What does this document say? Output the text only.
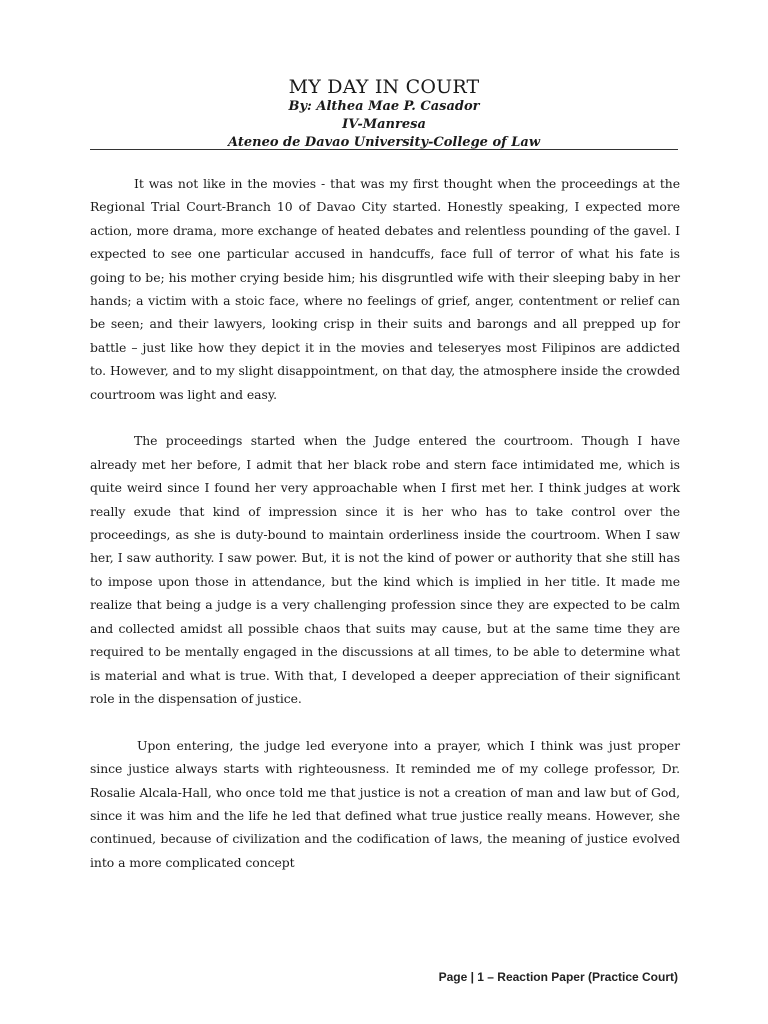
MY DAY IN COURT
By: Althea Mae P. Casador
IV-Manresa
Ateneo de Davao University-College of Law

It was not like in the movies - that was my first thought when the proceedings at the Regional Trial Court-Branch 10 of Davao City started. Honestly speaking, I expected more action, more drama, more exchange of heated debates and relentless pounding of the gavel. I expected to see one particular accused in handcuffs, face full of terror of what his fate is going to be; his mother crying beside him; his disgruntled wife with their sleeping baby in her hands; a victim with a stoic face, where no feelings of grief, anger, contentment or relief can be seen; and their lawyers, looking crisp in their suits and barongs and all prepped up for battle – just like how they depict it in the movies and teleseryes most Filipinos are addicted to. However, and to my slight disappointment, on that day, the atmosphere inside the crowded courtroom was light and easy.

The proceedings started when the Judge entered the courtroom. Though I have already met her before, I admit that her black robe and stern face intimidated me, which is quite weird since I found her very approachable when I first met her. I think judges at work really exude that kind of impression since it is her who has to take control over the proceedings, as she is duty-bound to maintain orderliness inside the courtroom. When I saw her, I saw authority. I saw power. But, it is not the kind of power or authority that she still has to impose upon those in attendance, but the kind which is implied in her title. It made me realize that being a judge is a very challenging profession since they are expected to be calm and collected amidst all possible chaos that suits may cause, but at the same time they are required to be mentally engaged in the discussions at all times, to be able to determine what is material and what is true. With that, I developed a deeper appreciation of their significant role in the dispensation of justice.

Upon entering, the judge led everyone into a prayer, which I think was just proper since justice always starts with righteousness. It reminded me of my college professor, Dr. Rosalie Alcala-Hall, who once told me that justice is not a creation of man and law but of God, since it was him and the life he led that defined what true justice really means. However, she continued, because of civilization and the codification of laws, the meaning of justice evolved into a more complicated concept

Page | 1 – Reaction Paper (Practice Court)
